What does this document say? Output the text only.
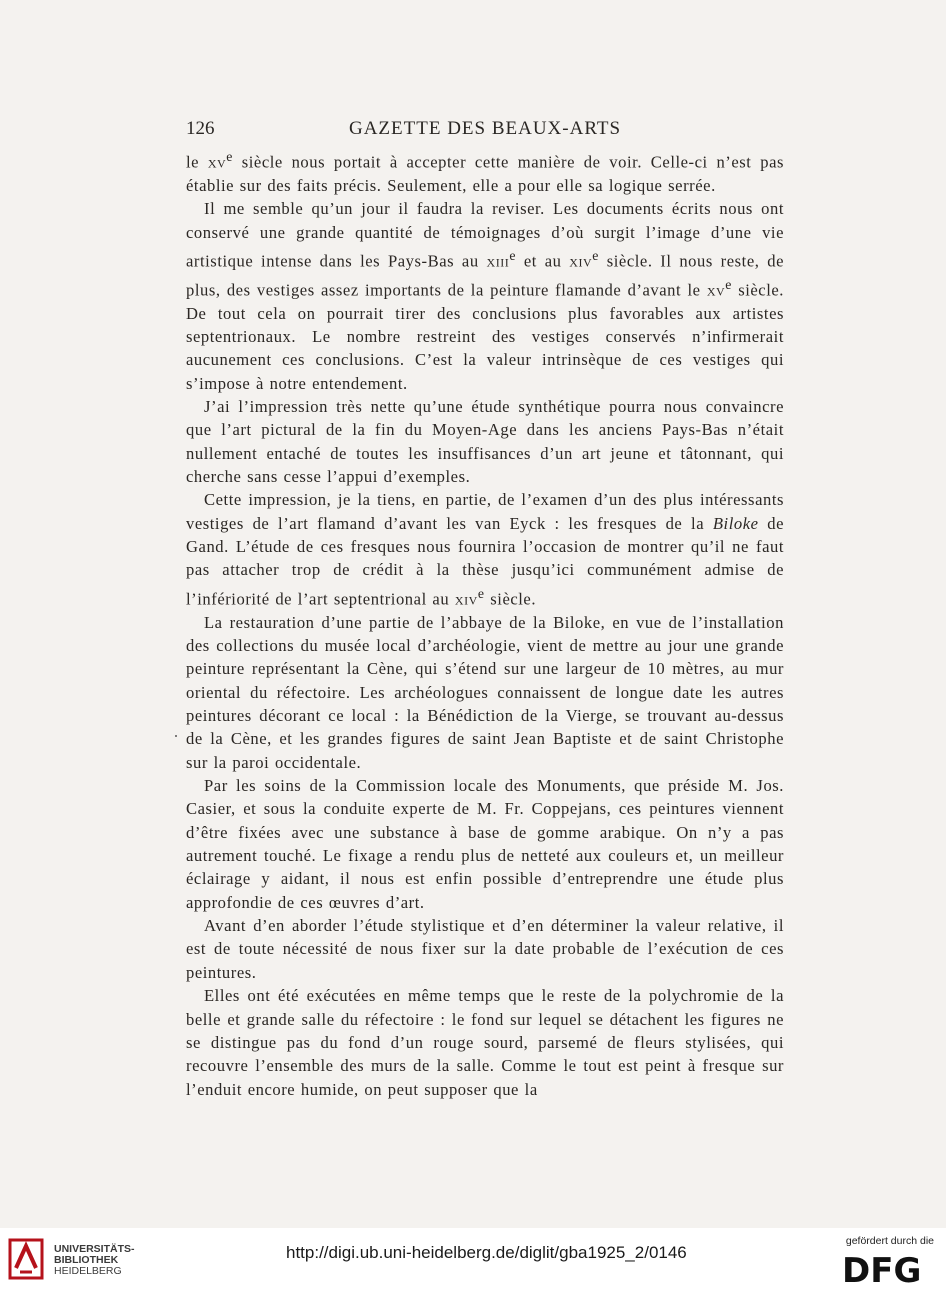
126	GAZETTE DES BEAUX-ARTS

le $xv^e$ siècle nous portait à accepter cette manière de voir. Celle-ci n’est pas établie sur des faits précis. Seulement, elle a pour elle sa logique serrée.

Il me semble qu’un jour il faudra la reviser. Les documents écrits nous ont conservé une grande quantité de témoignages d’où surgit l’image d’une vie artistique intense dans les Pays-Bas au xiii$^e$ et au xiv$^e$ siècle. Il nous reste, de plus, des vestiges assez importants de la peinture flamande d’avant le $xv^e$ siècle. De tout cela on pourrait tirer des conclusions plus favorables aux artistes septentrionaux. Le nombre restreint des vestiges conservés n’infirmerait aucunement ces conclusions. C’est la valeur intrinsèque de ces vestiges qui s’impose à notre entendement.

J’ai l’impression très nette qu’une étude synthétique pourra nous convaincre que l’art pictural de la fin du Moyen-Age dans les anciens Pays-Bas n’était nullement entaché de toutes les insuffisances d’un art jeune et tâtonnant, qui cherche sans cesse l’appui d’exemples.

Cette impression, je la tiens, en partie, de l’examen d’un des plus intéressants vestiges de l’art flamand d’avant les van Eyck : les fresques de la Biloke de Gand. L’étude de ces fresques nous fournira l’occasion de montrer qu’il ne faut pas attacher trop de crédit à la thèse jusqu’ici communément admise de l’infériorité de l’art septentrional au xiv$^e$ siècle.

La restauration d’une partie de l’abbaye de la Biloke, en vue de l’installation des collections du musée local d’archéologie, vient de mettre au jour une grande peinture représentant la Cène, qui s’étend sur une largeur de 10 mètres, au mur oriental du réfectoire. Les archéologues connaissent de longue date les autres peintures décorant ce local : la Bénédiction de la Vierge, se trouvant au-dessus de la Cène, et les grandes figures de saint Jean Baptiste et de saint Christophe sur la paroi occidentale.

Par les soins de la Commission locale des Monuments, que préside M. Jos. Casier, et sous la conduite experte de M. Fr. Coppejans, ces peintures viennent d’être fixées avec une substance à base de gomme arabique. On n’y a pas autrement touché. Le fixage a rendu plus de netteté aux couleurs et, un meilleur éclairage y aidant, il nous est enfin possible d’entreprendre une étude plus approfondie de ces œuvres d’art.

Avant d’en aborder l’étude stylistique et d’en déterminer la valeur relative, il est de toute nécessité de nous fixer sur la date probable de l’exécution de ces peintures.

Elles ont été exécutées en même temps que le reste de la polychromie de la belle et grande salle du réfectoire : le fond sur lequel se détachent les figures ne se distingue pas du fond d’un rouge sourd, parsemé de fleurs stylisées, qui recouvre l’ensemble des murs de la salle. Comme le tout est peint à fresque sur l’enduit encore humide, on peut supposer que la

UNIVERSITÄTS-
BIBLIOTHEK
HEIDELBERG
http://digi.ub.uni-heidelberg.de/diglit/gba1925_2/0146
gefördert durch die
DFG
